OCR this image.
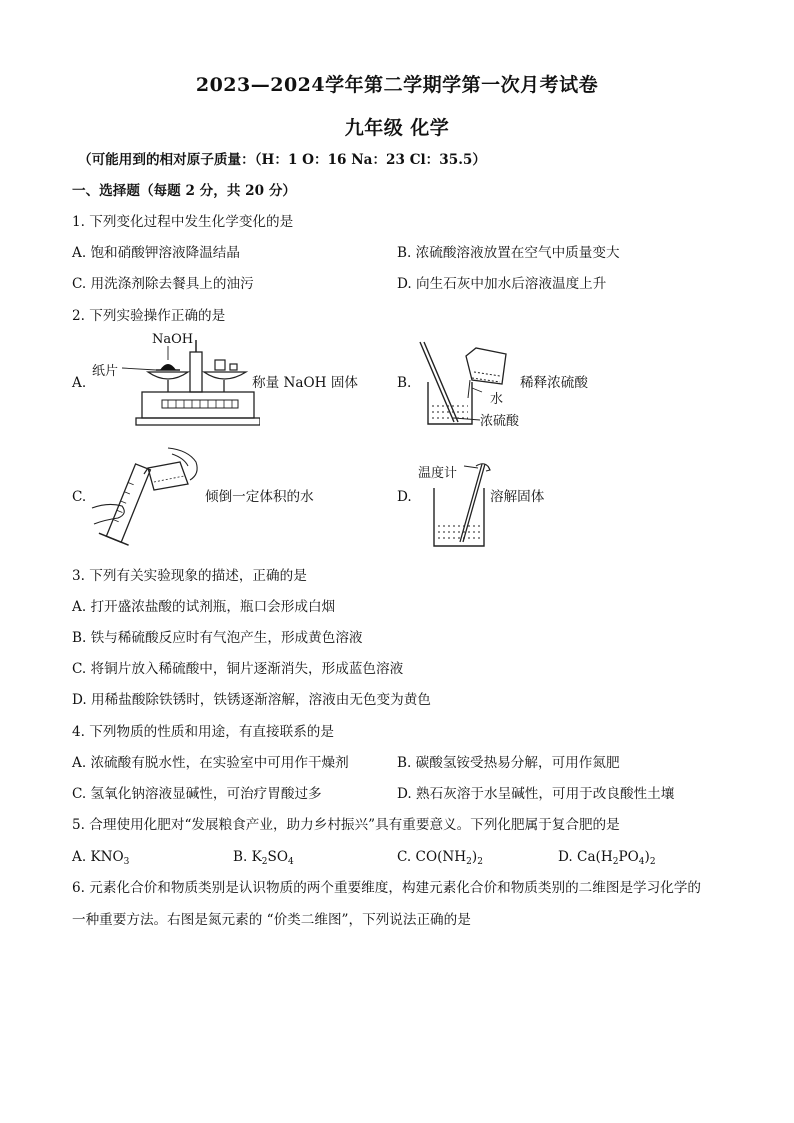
2023—2024学年第二学期学第一次月考试卷
九年级 化学
（可能用到的相对原子质量：（H：1 O：16 Na：23 Cl：35.5）
一、选择题（每题 2 分，共 20 分）
1. 下列变化过程中发生化学变化的是
A. 饱和硝酸钾溶液降温结晶	B. 浓硫酸溶液放置在空气中质量变大
C. 用洗涤剂除去餐具上的油污	D. 向生石灰中加水后溶液温度上升
2. 下列实验操作正确的是
A.
NaOH
纸片
称量 NaOH 固体	B.
水
浓硫酸
稀释浓硫酸
C.	倾倒一定体积的水	D.
温度计
溶解固体
3. 下列有关实验现象的描述，正确的是
A. 打开盛浓盐酸的试剂瓶，瓶口会形成白烟
B. 铁与稀硫酸反应时有气泡产生，形成黄色溶液
C. 将铜片放入稀硫酸中，铜片逐渐消失，形成蓝色溶液
D. 用稀盐酸除铁锈时，铁锈逐渐溶解，溶液由无色变为黄色
4. 下列物质的性质和用途，有直接联系的是
A. 浓硫酸有脱水性，在实验室中可用作干燥剂	B. 碳酸氢铵受热易分解，可用作氮肥
C. 氢氧化钠溶液显碱性，可治疗胃酸过多	D. 熟石灰溶于水呈碱性，可用于改良酸性土壤
5. 合理使用化肥对“发展粮食产业，助力乡村振兴”具有重要意义。下列化肥属于复合肥的是
A. $KNO_3$	B. $K_2SO_4$	C. $CO(NH_2)_2$	D. $Ca(H_2PO_4)_2$
6. 元素化合价和物质类别是认识物质的两个重要维度，构建元素化合价和物质类别的二维图是学习化学的
一种重要方法。右图是氮元素的 “价类二维图”，下列说法正确的是
